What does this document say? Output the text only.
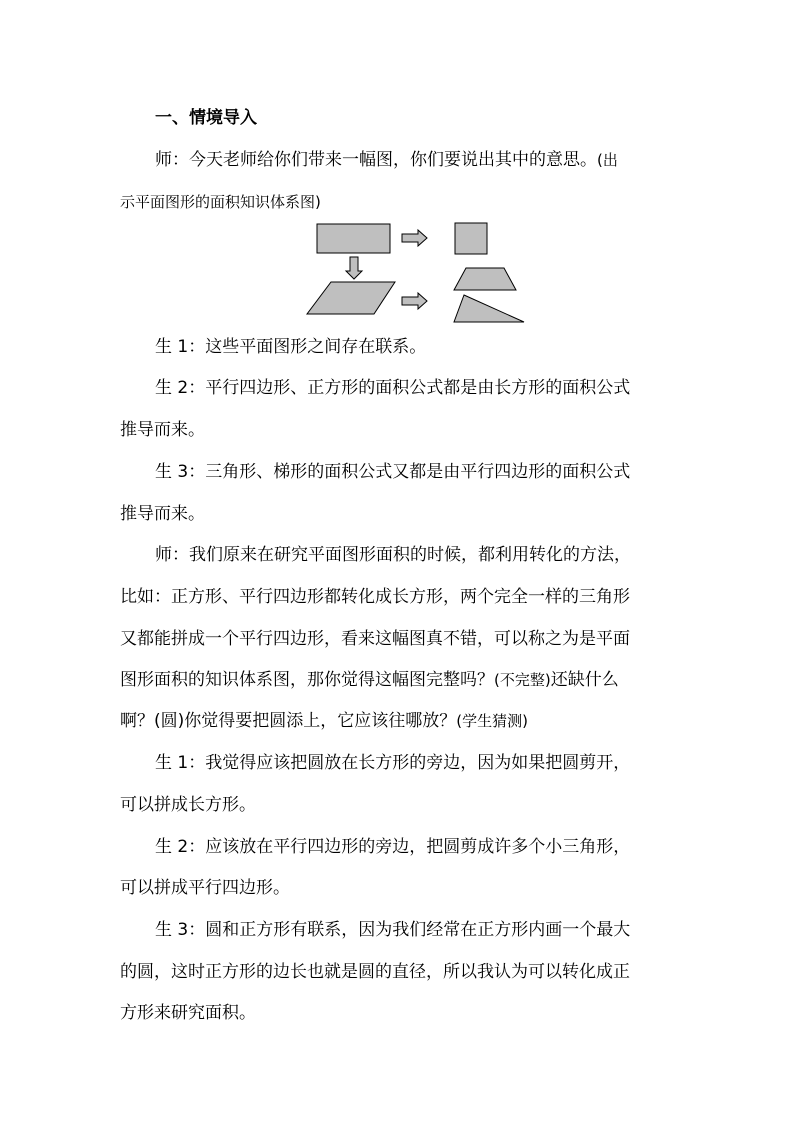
一、情境导入
师：今天老师给你们带来一幅图，你们要说出其中的意思。(出
示平面图形的面积知识体系图)
生 1：这些平面图形之间存在联系。
生 2：平行四边形、正方形的面积公式都是由长方形的面积公式
推导而来。
生 3：三角形、梯形的面积公式又都是由平行四边形的面积公式
推导而来。
师：我们原来在研究平面图形面积的时候，都利用转化的方法，
比如：正方形、平行四边形都转化成长方形，两个完全一样的三角形
又都能拼成一个平行四边形，看来这幅图真不错，可以称之为是平面
图形面积的知识体系图，那你觉得这幅图完整吗？(不完整)还缺什么
啊？(圆)你觉得要把圆添上，它应该往哪放？(学生猜测)
生 1：我觉得应该把圆放在长方形的旁边，因为如果把圆剪开，
可以拼成长方形。
生 2：应该放在平行四边形的旁边，把圆剪成许多个小三角形，
可以拼成平行四边形。
生 3：圆和正方形有联系，因为我们经常在正方形内画一个最大
的圆，这时正方形的边长也就是圆的直径，所以我认为可以转化成正
方形来研究面积。
